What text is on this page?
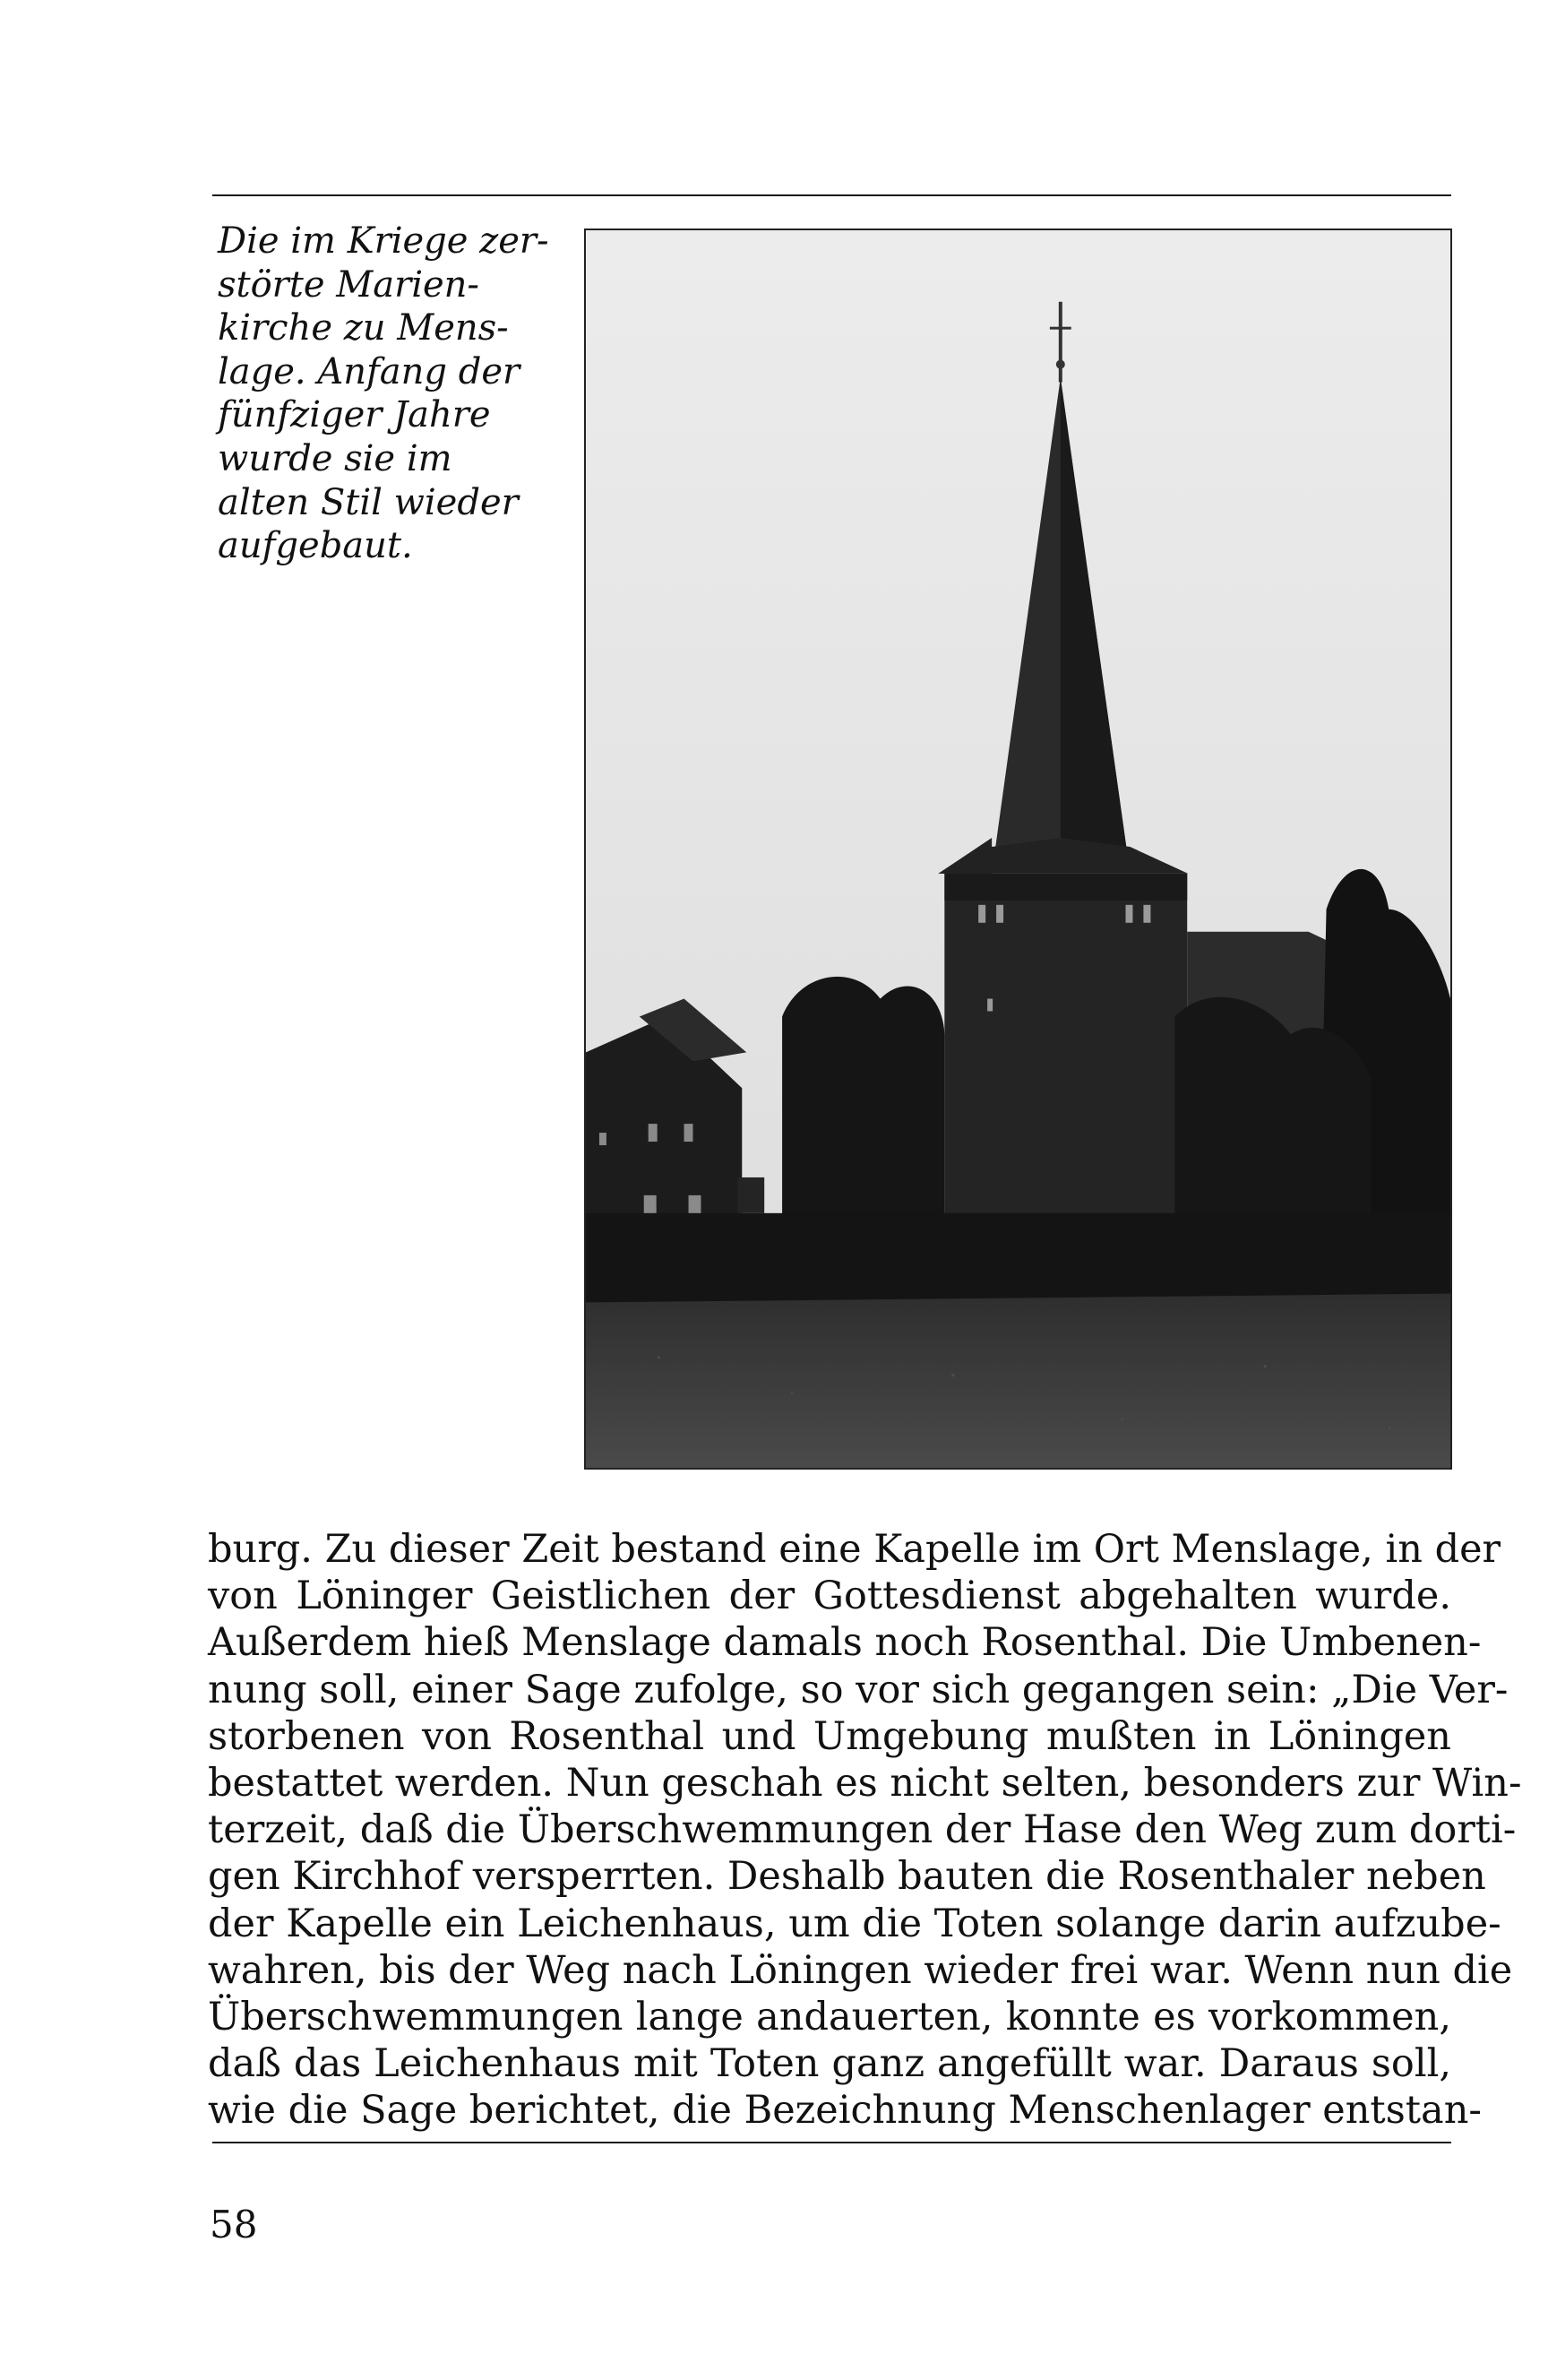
Die im Kriege zer-
störte Marien-
kirche zu Mens-
lage. Anfang der
fünfziger Jahre
wurde sie im
alten Stil wieder
aufgebaut.
burg. Zu dieser Zeit bestand eine Kapelle im Ort Menslage, in der
von Löninger Geistlichen der Gottesdienst abgehalten wurde.
Außerdem hieß Menslage damals noch Rosenthal. Die Umbenen-
nung soll, einer Sage zufolge, so vor sich gegangen sein: „Die Ver-
storbenen von Rosenthal und Umgebung mußten in Löningen
bestattet werden. Nun geschah es nicht selten, besonders zur Win-
terzeit, daß die Überschwemmungen der Hase den Weg zum dorti-
gen Kirchhof versperrten. Deshalb bauten die Rosenthaler neben
der Kapelle ein Leichenhaus, um die Toten solange darin aufzube-
wahren, bis der Weg nach Löningen wieder frei war. Wenn nun die
Überschwemmungen lange andauerten, konnte es vorkommen,
daß das Leichenhaus mit Toten ganz angefüllt war. Daraus soll,
wie die Sage berichtet, die Bezeichnung Menschenlager entstan-
58
